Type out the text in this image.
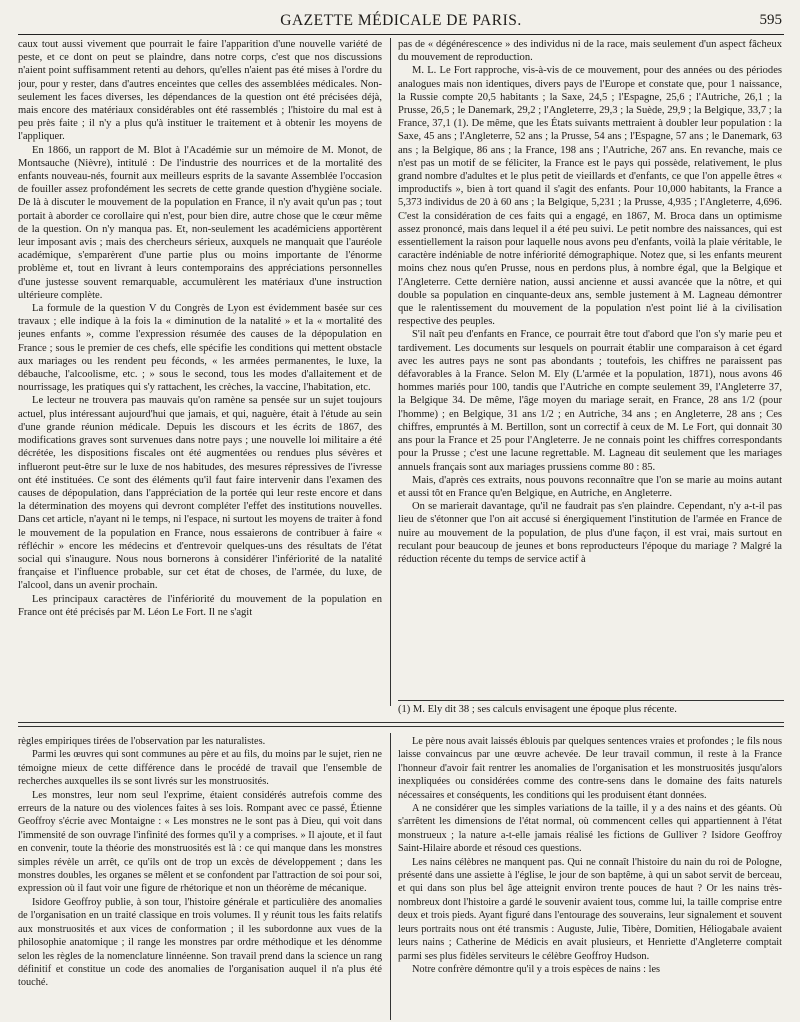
GAZETTE MÉDICALE DE PARIS.	595

caux tout aussi vivement que pourrait le faire l'apparition d'une nouvelle variété de peste, et ce dont on peut se plaindre, dans notre corps, c'est que nos discussions n'aient point suffisamment retenti au dehors, qu'elles n'aient pas été mises à l'ordre du jour, pour y rester, dans d'autres enceintes que celles des assemblées médicales. Non-seulement les faces diverses, les dépendances de la question ont été précisées déjà, mais encore des matériaux considérables ont été rassemblés ; l'histoire du mal est à peu près faite ; il n'y a plus qu'à instituer le traitement et à obtenir les moyens de l'appliquer.

En 1866, un rapport de M. Blot à l'Académie sur un mémoire de M. Monot, de Montsauche (Nièvre), intitulé : De l'industrie des nourrices et de la mortalité des enfants nouveau-nés, fournit aux meilleurs esprits de la savante Assemblée l'occasion de fouiller assez profondément les secrets de cette grande question d'hygiène sociale. De là à discuter le mouvement de la population en France, il n'y avait qu'un pas ; tout portait à aborder ce corollaire qui n'est, pour bien dire, autre chose que le cœur même de la question. On n'y manqua pas. Et, non-seulement les académiciens apportèrent leur imposant avis ; mais des chercheurs sérieux, auxquels ne manquait que l'auréole académique, s'emparèrent d'une partie plus ou moins importante de l'énorme problème et, tout en livrant à leurs contemporains des appréciations personnelles d'une justesse souvent remarquable, accumulèrent les matériaux d'une instruction ultérieure complète.

La formule de la question V du Congrès de Lyon est évidemment basée sur ces travaux ; elle indique à la fois la « diminution de la natalité » et la « mortalité des jeunes enfants », comme l'expression résumée des causes de la dépopulation en France ; sous le premier de ces chefs, elle spécifie les conditions qui mettent obstacle aux mariages ou les rendent peu féconds, « les armées permanentes, le luxe, la débauche, l'alcoolisme, etc. ; » sous le second, tous les modes d'allaitement et de nourrissage, les pratiques qui s'y rattachent, les crèches, la vaccine, l'habitation, etc.

Le lecteur ne trouvera pas mauvais qu'on ramène sa pensée sur un sujet toujours actuel, plus intéressant aujourd'hui que jamais, et qui, naguère, était à l'étude au sein d'une grande réunion médicale. Depuis les discours et les écrits de 1867, des modifications graves sont survenues dans notre pays ; une nouvelle loi militaire a été décrétée, les dispositions fiscales ont été augmentées ou rendues plus sévères et influeront peut-être sur le luxe de nos habitudes, des mesures répressives de l'ivresse ont été instituées. Ce sont des éléments qu'il faut faire intervenir dans l'examen des causes de dépopulation, dans l'appréciation de la portée qui leur reste encore et dans la détermination des moyens qui devront compléter l'effet des institutions nouvelles. Dans cet article, n'ayant ni le temps, ni l'espace, ni surtout les moyens de traiter à fond le mouvement de la population en France, nous essaierons de contribuer à faire « réfléchir » encore les médecins et d'entrevoir quelques-uns des résultats de l'état social qui s'inaugure. Nous nous bornerons à considérer l'infériorité de la natalité française et l'influence probable, sur cet état de choses, de l'armée, du luxe, de l'alcool, dans un avenir prochain.

Les principaux caractères de l'infériorité du mouvement de la population en France ont été précisés par M. Léon Le Fort. Il ne s'agit

pas de « dégénérescence » des individus ni de la race, mais seulement d'un aspect fâcheux du mouvement de reproduction.

M. L. Le Fort rapproche, vis-à-vis de ce mouvement, pour des années ou des périodes analogues mais non identiques, divers pays de l'Europe et constate que, pour 1 naissance, la Russie compte 20,5 habitants ; la Saxe, 24,5 ; l'Espagne, 25,6 ; l'Autriche, 26,1 ; la Prusse, 26,5 ; le Danemark, 29,2 ; l'Angleterre, 29,3 ; la Suède, 29,9 ; la Belgique, 33,7 ; la France, 37,1 (1). De même, que les États suivants mettraient à doubler leur population : la Saxe, 45 ans ; l'Angleterre, 52 ans ; la Prusse, 54 ans ; l'Espagne, 57 ans ; le Danemark, 63 ans ; la Belgique, 86 ans ; la France, 198 ans ; l'Autriche, 267 ans. En revanche, mais ce n'est pas un motif de se féliciter, la France est le pays qui possède, relativement, le plus grand nombre d'adultes et le plus petit de vieillards et d'enfants, ce que l'on appelle êtres « improductifs », bien à tort quand il s'agit des enfants. Pour 10,000 habitants, la France a 5,373 individus de 20 à 60 ans ; la Belgique, 5,231 ; la Prusse, 4,935 ; l'Angleterre, 4,696. C'est la considération de ces faits qui a engagé, en 1867, M. Broca dans un optimisme assez prononcé, mais dans lequel il a été peu suivi. Le petit nombre des naissances, qui est essentiellement la raison pour laquelle nous avons peu d'enfants, voilà la plaie véritable, le caractère indéniable de notre infériorité démographique. Notez que, si les enfants meurent moins chez nous qu'en Prusse, nous en perdons plus, à nombre égal, que la Belgique et l'Angleterre. Cette dernière nation, aussi ancienne et aussi avancée que la nôtre, et qui double sa population en cinquante-deux ans, semble justement à M. Lagneau démontrer que le ralentissement du mouvement de la population n'est point lié à la civilisation respective des peuples.

S'il naît peu d'enfants en France, ce pourrait être tout d'abord que l'on s'y marie peu et tardivement. Les documents sur lesquels on pourrait établir une comparaison à cet égard avec les autres pays ne sont pas abondants ; toutefois, les chiffres ne paraissent pas défavorables à la France. Selon M. Ely (L'armée et la population, 1871), nous avons 46 hommes mariés pour 100, tandis que l'Autriche en compte seulement 39, l'Angleterre 37, la Belgique 34. De même, l'âge moyen du mariage serait, en France, 28 ans 1/2 (pour l'homme) ; en Belgique, 31 ans 1/2 ; en Autriche, 34 ans ; en Angleterre, 28 ans ; Ces chiffres, empruntés à M. Bertillon, sont un correctif à ceux de M. Le Fort, qui donnait 30 ans pour la France et 25 pour l'Angleterre. Je ne connais point les chiffres correspondants pour la Prusse ; c'est une lacune regrettable. M. Lagneau dit seulement que les mariages annuels français sont aux mariages prussiens comme 80 : 85.

Mais, d'après ces extraits, nous pouvons reconnaître que l'on se marie au moins autant et aussi tôt en France qu'en Belgique, en Autriche, en Angleterre.

On se marierait davantage, qu'il ne faudrait pas s'en plaindre. Cependant, n'y a-t-il pas lieu de s'étonner que l'on ait accusé si énergiquement l'institution de l'armée en France de nuire au mouvement de la population, de plus d'une façon, il est vrai, mais surtout en reculant pour beaucoup de jeunes et bons reproducteurs l'époque du mariage ? Malgré la réduction récente du temps de service actif à

(1) M. Ely dit 38 ; ses calculs envisagent une époque plus récente.

règles empiriques tirées de l'observation par les naturalistes.

Parmi les œuvres qui sont communes au père et au fils, du moins par le sujet, rien ne témoigne mieux de cette différence dans le procédé de travail que l'ensemble de recherches auxquelles ils se sont livrés sur les monstruosités.

Les monstres, leur nom seul l'exprime, étaient considérés autrefois comme des erreurs de la nature ou des violences faites à ses lois. Rompant avec ce passé, Étienne Geoffroy s'écrie avec Montaigne : « Les monstres ne le sont pas à Dieu, qui voit dans l'immensité de son ouvrage l'infinité des formes qu'il y a comprises. » Il ajoute, et il faut en convenir, toute la théorie des monstruosités est là : ce qui manque dans les monstres simples révèle un arrêt, ce qu'ils ont de trop un excès de développement ; dans les monstres doubles, les organes se mêlent et se confondent par l'attraction de soi pour soi, expression où il faut voir une figure de rhétorique et non un théorème de mécanique.

Isidore Geoffroy publie, à son tour, l'histoire générale et particulière des anomalies de l'organisation en un traité classique en trois volumes. Il y réunit tous les faits relatifs aux monstruosités et aux vices de conformation ; il les subordonne aux vues de la philosophie anatomique ; il range les monstres par ordre méthodique et les dénomme selon les règles de la nomenclature linnéenne. Son travail prend dans la science un rang définitif et constitue un code des anomalies de l'organisation auquel il n'a plus été touché.

Le père nous avait laissés éblouis par quelques sentences vraies et profondes ; le fils nous laisse convaincus par une œuvre achevée. De leur travail commun, il reste à la France l'honneur d'avoir fait rentrer les anomalies de l'organisation et les monstruosités jusqu'alors inexpliquées ou considérées comme des contre-sens dans le domaine des faits naturels nécessaires et conséquents, les conditions qui les produisent étant données.

A ne considérer que les simples variations de la taille, il y a des nains et des géants. Où s'arrêtent les dimensions de l'état normal, où commencent celles qui appartiennent à l'état monstrueux ; la nature a-t-elle jamais réalisé les fictions de Gulliver ? Isidore Geoffroy Saint-Hilaire aborde et résoud ces questions.

Les nains célèbres ne manquent pas. Qui ne connaît l'histoire du nain du roi de Pologne, présenté dans une assiette à l'église, le jour de son baptême, à qui un sabot servit de berceau, et qui dans son plus bel âge atteignit environ trente pouces de haut ? Or les nains très-nombreux dont l'histoire a gardé le souvenir avaient tous, comme lui, la taille comprise entre deux et trois pieds. Ayant figuré dans l'entourage des souverains, leur signalement et souvent leurs portraits nous ont été transmis : Auguste, Julie, Tibère, Domitien, Héliogabale avaient leurs nains ; Catherine de Médicis en avait plusieurs, et Henriette d'Angleterre comptait parmi ses plus fidèles serviteurs le célèbre Geoffroy Hudson.

Notre confrère démontre qu'il y a trois espèces de nains : les
